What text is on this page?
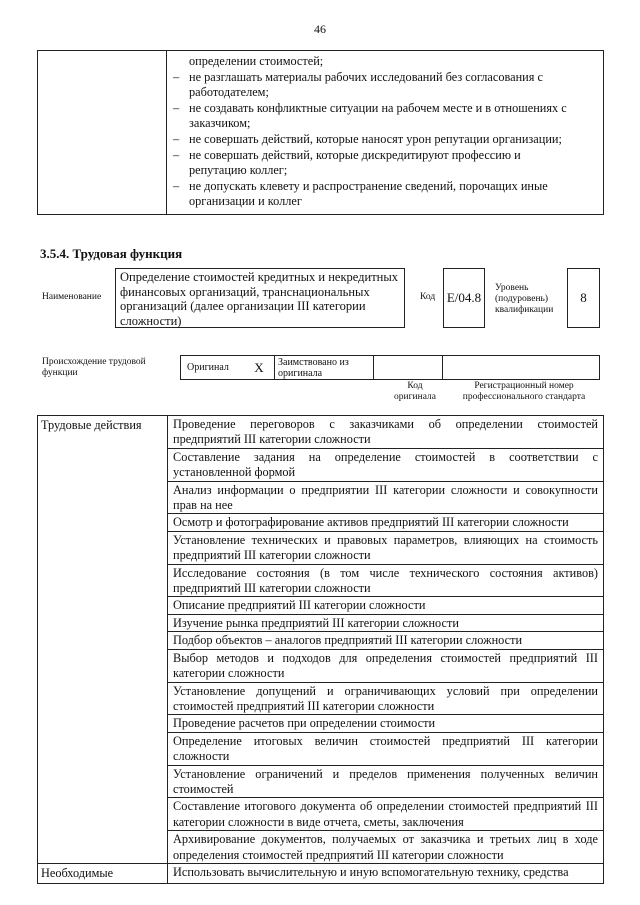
46

определении стоимостей;
– не разглашать материалы рабочих исследований без согласования с
работодателем;
– не создавать конфликтные ситуации на рабочем месте и в отношениях с
заказчиком;
– не совершать действий, которые наносят урон репутации организации;
– не совершать действий, которые дискредитируют профессию и
репутацию коллег;
– не допускать клевету и распространение сведений, порочащих иные
организации и коллег
3.5.4. Трудовая функция
Наименование
Определение стоимостей кредитных и некредитных финансовых организаций, транснациональных организаций (далее организации III категории сложности)
Код E/04.8
Уровень
(подуровень)
квалификации
8
Происхождение трудовой функции	Оригинал	X	Заимствовано из оригинала		
Код оригинала
Регистрационный номер профессионального стандарта
Трудовые действия	Проведение переговоров с заказчиками об определении стоимостей предприятий III категории сложности
	Составление задания на определение стоимостей в соответствии с установленной формой
	Анализ информации о предприятии III категории сложности и совокупности прав на нее
	Осмотр и фотографирование активов предприятий III категории сложности
	Установление технических и правовых параметров, влияющих на стоимость предприятий III категории сложности
	Исследование состояния (в том числе технического состояния активов) предприятий III категории сложности
	Описание предприятий III категории сложности
	Изучение рынка предприятий III категории сложности
	Подбор объектов – аналогов предприятий III категории сложности
	Выбор методов и подходов для определения стоимостей предприятий III категории сложности
	Установление допущений и ограничивающих условий при определении стоимостей предприятий III категории сложности
	Проведение расчетов при определении стоимости
	Определение итоговых величин стоимостей предприятий III категории сложности
	Установление ограничений и пределов применения полученных величин стоимостей
	Составление итогового документа об определении стоимостей предприятий III категории сложности в виде отчета, сметы, заключения
	Архивирование документов, получаемых от заказчика и третьих лиц в ходе определения стоимостей предприятий III категории сложности
Необходимые	Использовать вычислительную и иную вспомогательную технику, средства
